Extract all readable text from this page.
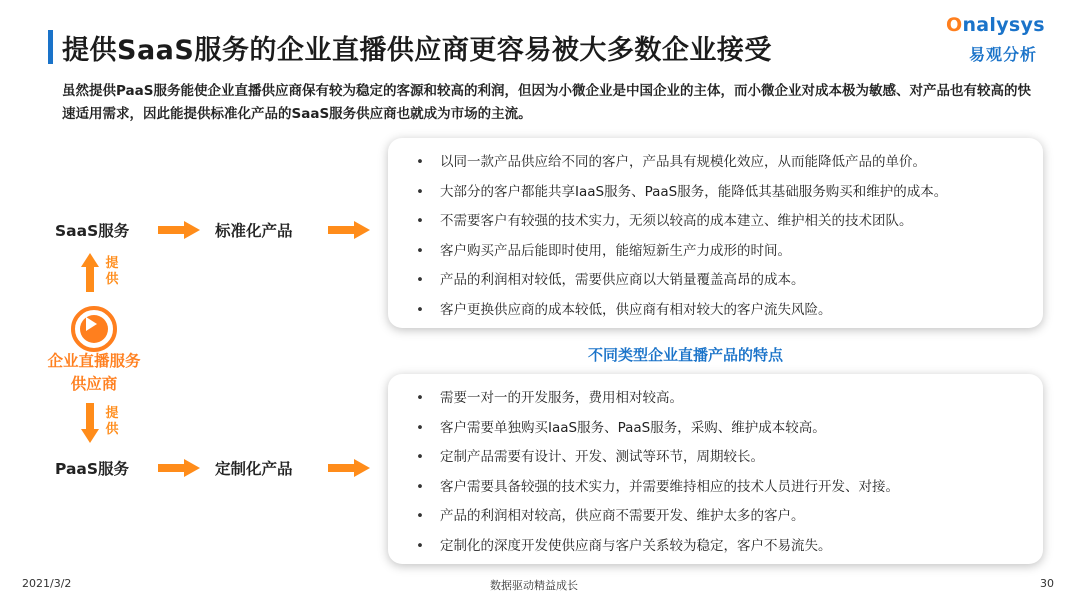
提供SaaS服务的企业直播供应商更容易被大多数企业接受
Onalysys
易观分析
虽然提供PaaS服务能使企业直播供应商保有较为稳定的客源和较高的利润，但因为小微企业是中国企业的主体，而小微企业对成本极为敏感、对产品也有较高的快速适用需求，因此能提供标准化产品的SaaS服务供应商也就成为市场的主流。
SaaS服务	标准化产品
提
供
企业直播服务
供应商
提
供
PaaS服务	定制化产品
• 以同一款产品供应给不同的客户，产品具有规模化效应，从而能降低产品的单价。
• 大部分的客户都能共享IaaS服务、PaaS服务，能降低其基础服务购买和维护的成本。
• 不需要客户有较强的技术实力，无须以较高的成本建立、维护相关的技术团队。
• 客户购买产品后能即时使用，能缩短新生产力成形的时间。
• 产品的利润相对较低，需要供应商以大销量覆盖高昂的成本。
• 客户更换供应商的成本较低，供应商有相对较大的客户流失风险。
不同类型企业直播产品的特点
• 需要一对一的开发服务，费用相对较高。
• 客户需要单独购买IaaS服务、PaaS服务，采购、维护成本较高。
• 定制产品需要有设计、开发、测试等环节，周期较长。
• 客户需要具备较强的技术实力，并需要维持相应的技术人员进行开发、对接。
• 产品的利润相对较高，供应商不需要开发、维护太多的客户。
• 定制化的深度开发使供应商与客户关系较为稳定，客户不易流失。
2021/3/2	数据驱动精益成长	30
